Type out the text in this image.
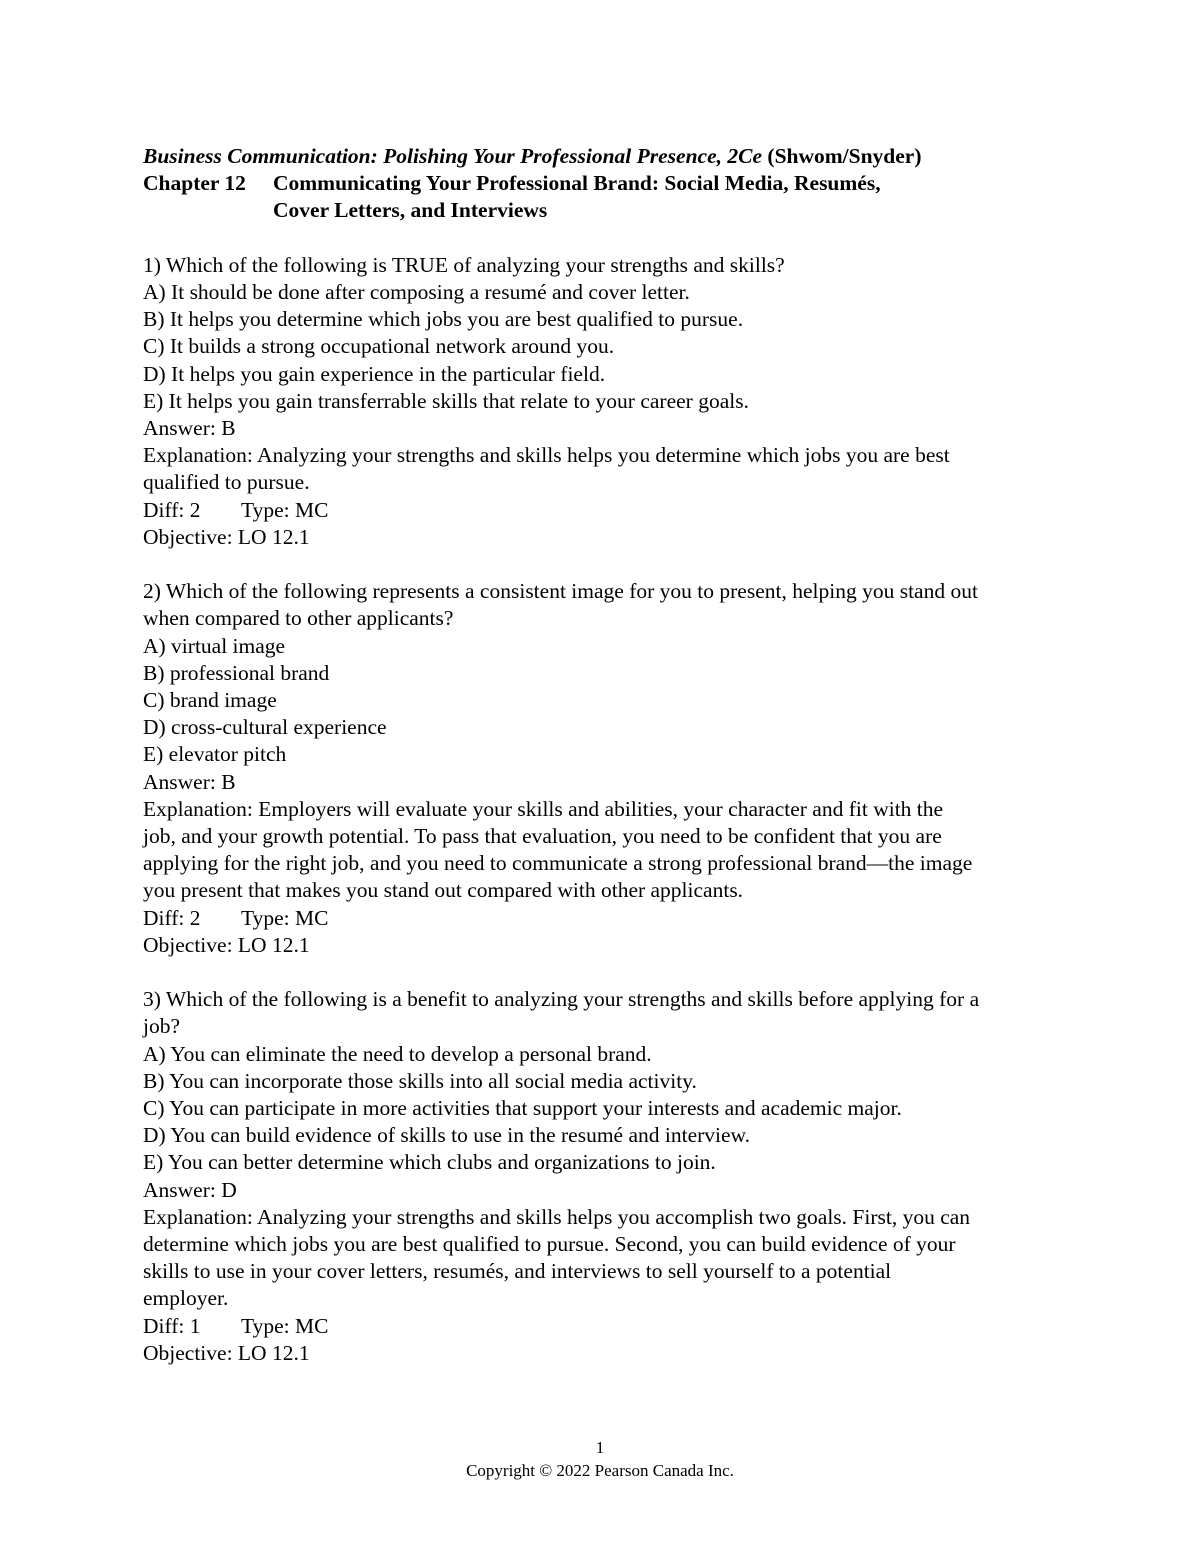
Business Communication: Polishing Your Professional Presence, 2Ce (Shwom/Snyder)
Chapter 12	Communicating Your Professional Brand: Social Media, Resumés,
Cover Letters, and Interviews
1) Which of the following is TRUE of analyzing your strengths and skills?
A) It should be done after composing a resumé and cover letter.
B) It helps you determine which jobs you are best qualified to pursue.
C) It builds a strong occupational network around you.
D) It helps you gain experience in the particular field.
E) It helps you gain transferrable skills that relate to your career goals.
Answer: B
Explanation: Analyzing your strengths and skills helps you determine which jobs you are best
qualified to pursue.
Diff: 2	Type: MC
Objective: LO 12.1
2) Which of the following represents a consistent image for you to present, helping you stand out
when compared to other applicants?
A) virtual image
B) professional brand
C) brand image
D) cross-cultural experience
E) elevator pitch
Answer: B
Explanation: Employers will evaluate your skills and abilities, your character and fit with the
job, and your growth potential. To pass that evaluation, you need to be confident that you are
applying for the right job, and you need to communicate a strong professional brand—the image
you present that makes you stand out compared with other applicants.
Diff: 2	Type: MC
Objective: LO 12.1
3) Which of the following is a benefit to analyzing your strengths and skills before applying for a
job?
A) You can eliminate the need to develop a personal brand.
B) You can incorporate those skills into all social media activity.
C) You can participate in more activities that support your interests and academic major.
D) You can build evidence of skills to use in the resumé and interview.
E) You can better determine which clubs and organizations to join.
Answer: D
Explanation: Analyzing your strengths and skills helps you accomplish two goals. First, you can
determine which jobs you are best qualified to pursue. Second, you can build evidence of your
skills to use in your cover letters, resumés, and interviews to sell yourself to a potential
employer.
Diff: 1	Type: MC
Objective: LO 12.1
1
Copyright © 2022 Pearson Canada Inc.
